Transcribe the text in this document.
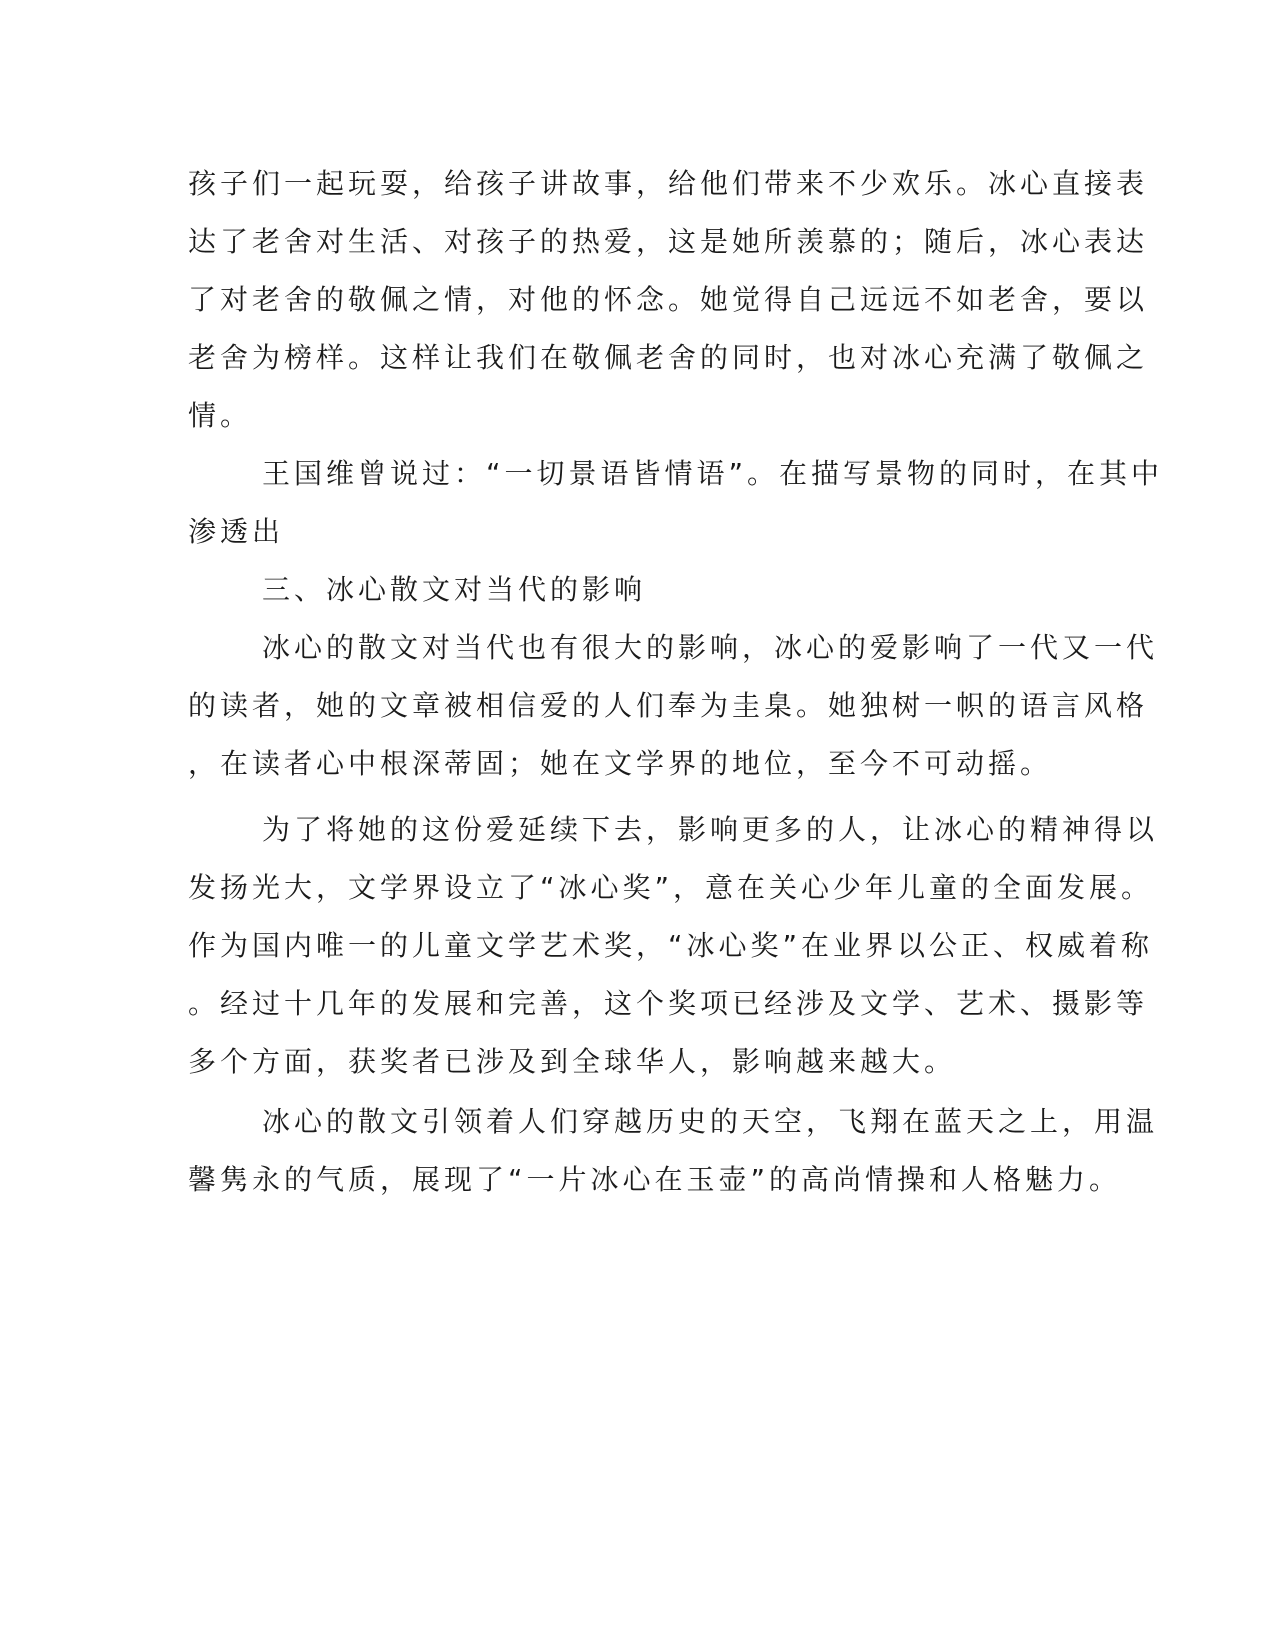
孩子们一起玩耍，给孩子讲故事，给他们带来不少欢乐。冰心直接表

达了老舍对生活、对孩子的热爱，这是她所羡慕的；随后，冰心表达

了对老舍的敬佩之情，对他的怀念。她觉得自己远远不如老舍，要以

老舍为榜样。这样让我们在敬佩老舍的同时，也对冰心充满了敬佩之

情。

王国维曾说过：“一切景语皆情语”。在描写景物的同时，在其中

渗透出

三、冰心散文对当代的影响

冰心的散文对当代也有很大的影响，冰心的爱影响了一代又一代

的读者，她的文章被相信爱的人们奉为圭臬。她独树一帜的语言风格

，在读者心中根深蒂固；她在文学界的地位，至今不可动摇。

为了将她的这份爱延续下去，影响更多的人，让冰心的精神得以

发扬光大，文学界设立了“冰心奖”，意在关心少年儿童的全面发展。

作为国内唯一的儿童文学艺术奖，“冰心奖”在业界以公正、权威着称

。经过十几年的发展和完善，这个奖项已经涉及文学、艺术、摄影等

多个方面，获奖者已涉及到全球华人，影响越来越大。

冰心的散文引领着人们穿越历史的天空，飞翔在蓝天之上，用温

馨隽永的气质，展现了“一片冰心在玉壶”的高尚情操和人格魅力。
